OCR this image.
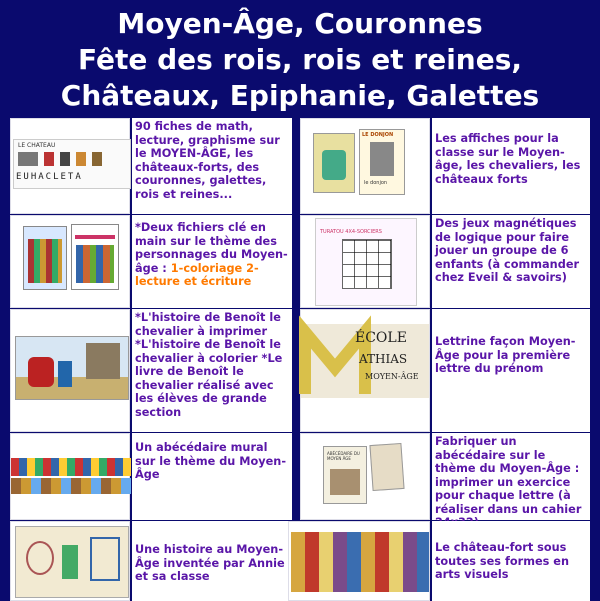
Moyen-Âge, Couronnes
Fête des rois, rois et reines,
Châteaux, Epiphanie, Galettes
LE CHATEAU
EUHACLETA
90 fiches de math, lecture, graphisme sur le MOYEN-ÂGE, les châteaux-forts, des couronnes, galettes, rois et reines...
LE DONJON
le donjon
Les affiches pour la classe sur le Moyen-âge, les chevaliers, les châteaux forts
*Deux fichiers clé en main sur le thème des personnages du Moyen-âge : 1-coloriage 2-lecture et écriture
TURATOU 4X4-SORCIERS
Des jeux magnétiques de logique pour faire jouer un groupe de 6 enfants (à commander chez Eveil & savoirs)
*L'histoire de Benoît le chevalier à imprimer *L'histoire de Benoît le chevalier à colorier *Le livre de Benoît le chevalier réalisé avec les élèves de grande section
ÉCOLE
ATHIAS
MOYEN-ÂGE
Lettrine façon Moyen-Âge pour la première lettre du prénom
Un abécédaire mural sur le thème du Moyen-Âge
ABÉCÉDAIRE DU MOYEN ÂGE
Fabriquer un abécédaire sur le thème du Moyen-Âge : imprimer un exercice pour chaque lettre (à réaliser dans un cahier
Une histoire au Moyen-Âge inventée par Annie et sa classe
Le château-fort sous toutes ses formes en arts visuels
